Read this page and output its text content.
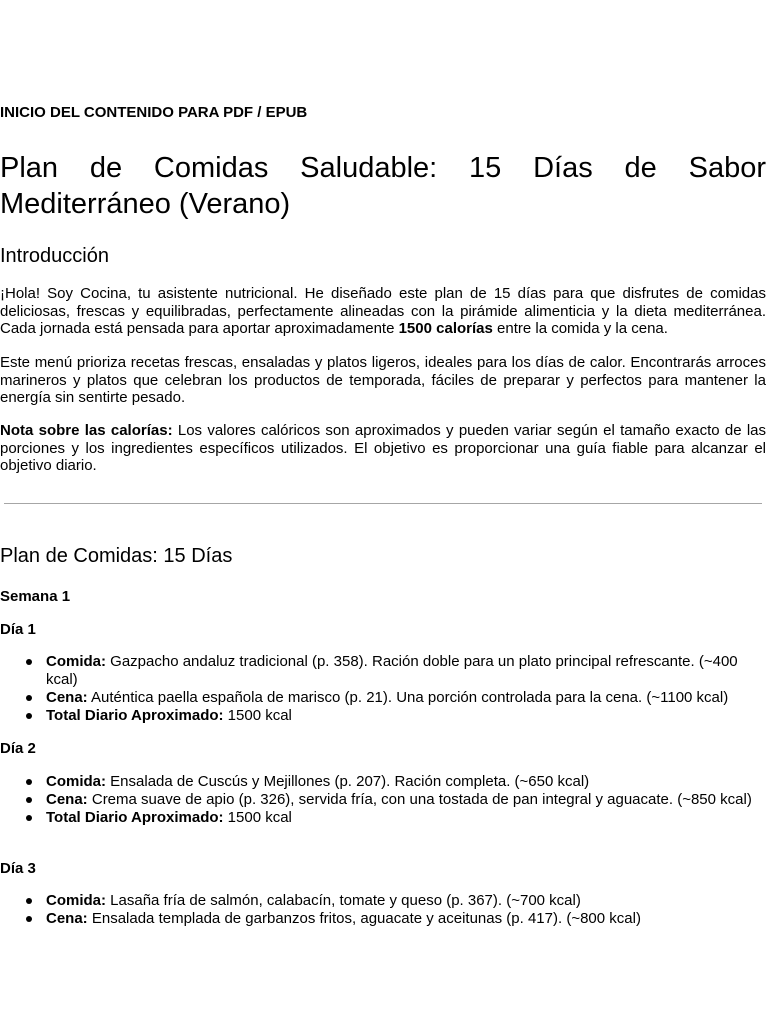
INICIO DEL CONTENIDO PARA PDF / EPUB
Plan de Comidas Saludable: 15 Días de Sabor Mediterráneo (Verano)
Introducción

¡Hola! Soy Cocina, tu asistente nutricional. He diseñado este plan de 15 días para que disfrutes de comidas deliciosas, frescas y equilibradas, perfectamente alineadas con la pirámide alimenticia y la dieta mediterránea. Cada jornada está pensada para aportar aproximadamente 1500 calorías entre la comida y la cena.

Este menú prioriza recetas frescas, ensaladas y platos ligeros, ideales para los días de calor. Encontrarás arroces marineros y platos que celebran los productos de temporada, fáciles de preparar y perfectos para mantener la energía sin sentirte pesado.

Nota sobre las calorías: Los valores calóricos son aproximados y pueden variar según el tamaño exacto de las porciones y los ingredientes específicos utilizados. El objetivo es proporcionar una guía fiable para alcanzar el objetivo diario.

Plan de Comidas: 15 Días
Semana 1
Día 1
Comida: Gazpacho andaluz tradicional (p. 358). Ración doble para un plato principal refrescante. (~400 kcal)
Cena: Auténtica paella española de marisco (p. 21). Una porción controlada para la cena. (~1100 kcal)
Total Diario Aproximado: 1500 kcal
Día 2
Comida: Ensalada de Cuscús y Mejillones (p. 207). Ración completa. (~650 kcal)
Cena: Crema suave de apio (p. 326), servida fría, con una tostada de pan integral y aguacate. (~850 kcal)
Total Diario Aproximado: 1500 kcal
Día 3
Comida: Lasaña fría de salmón, calabacín, tomate y queso (p. 367). (~700 kcal)
Cena: Ensalada templada de garbanzos fritos, aguacate y aceitunas (p. 417). (~800 kcal)
